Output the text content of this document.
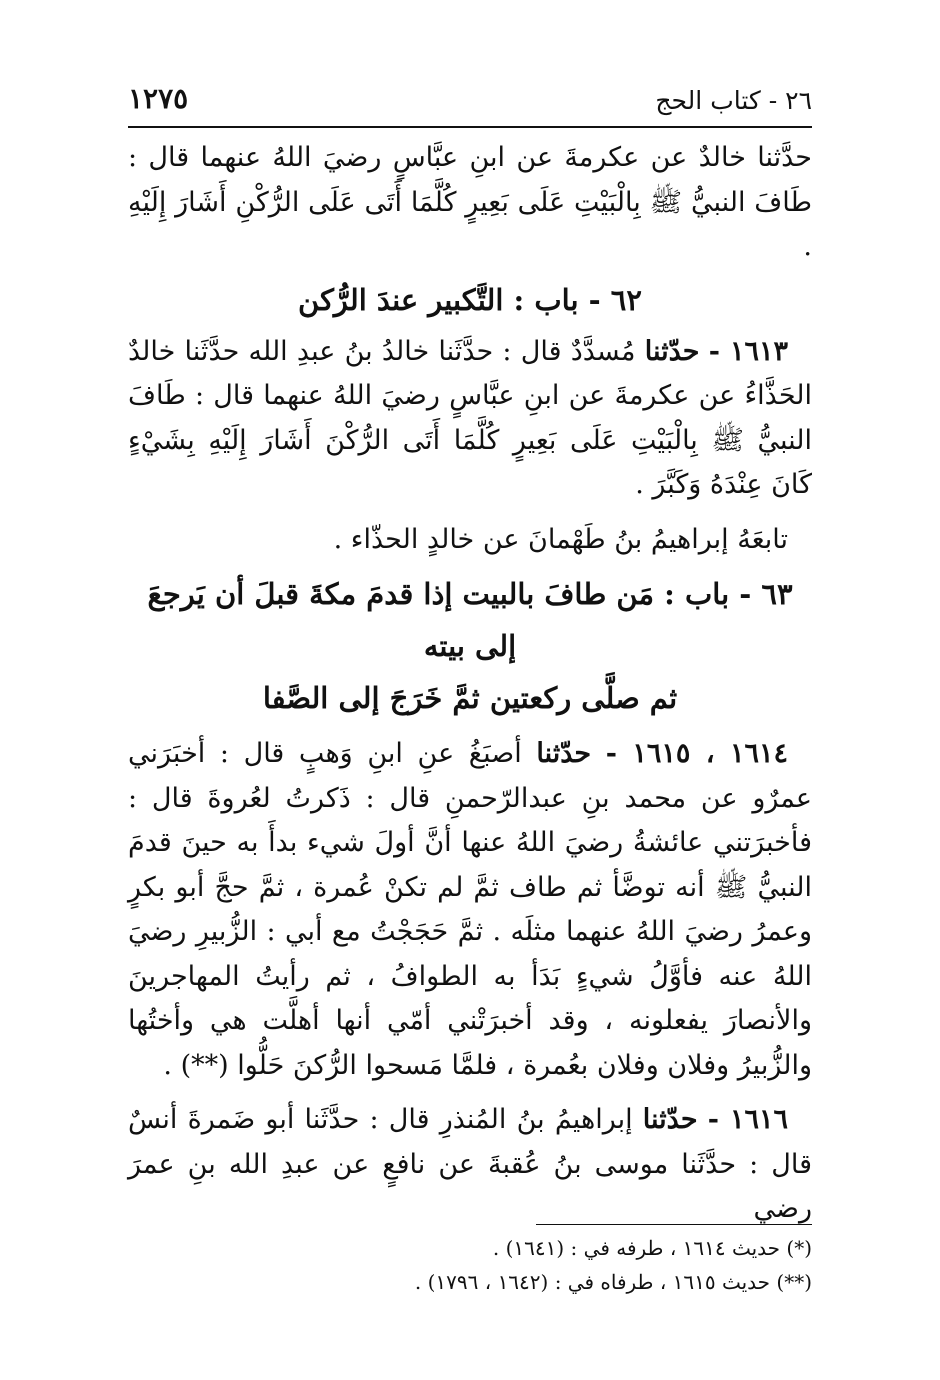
٢٦ - كتاب الحج
١٢٧٥

حدَّثنا خالدٌ عن عكرمةَ عن ابنِ عبَّاسٍ رضيَ اللهُ عنهما قال : طَافَ النبيُّ ﷺ بِالْبَيْتِ عَلَى بَعِيرٍ كُلَّمَا أَتَى عَلَى الرُّكْنِ أَشَارَ إِلَيْهِ .

٦٢ - باب : التَّكبير عندَ الرُّكن

١٦١٣ - حدّثنا مُسدَّدٌ قال : حدَّثَنا خالدُ بنُ عبدِ الله حدَّثَنا خالدٌ الحَذَّاءُ عن عكرمةَ عن ابنِ عبَّاسٍ رضيَ اللهُ عنهما قال : طَافَ النبيُّ ﷺ بِالْبَيْتِ عَلَى بَعِيرٍ كُلَّمَا أَتَى الرُّكْنَ أَشَارَ إِلَيْهِ بِشَيْءٍ كَانَ عِنْدَهُ وَكَبَّرَ .

تابعَهُ إبراهيمُ بنُ طَهْمانَ عن خالدٍ الحذّاء .

٦٣ - باب : مَن طافَ بالبيت إذا قدمَ مكةَ قبلَ أن يَرجعَ إلى بيته
ثم صلَّى ركعتين ثمَّ خَرَجَ إلى الصَّفا

١٦١٤ ، ١٦١٥ - حدّثنا أصبَغُ عنِ ابنِ وَهبٍ قال : أخبَرَني عمرٌو عن محمد بنِ عبدالرّحمنِ قال : ذَكرتُ لعُروةَ قال : فأخبرَتني عائشةُ رضيَ اللهُ عنها أنَّ أولَ شيء بدأَ به حينَ قدمَ النبيُّ ﷺ أنه توضَّأ ثم طاف ثمَّ لم تكنْ عُمرة ، ثمَّ حجَّ أبو بكرٍ وعمرُ رضيَ اللهُ عنهما مثلَه . ثمَّ حَجَجْتُ مع أبي : الزُّبيرِ رضيَ اللهُ عنه فأوَّلُ شيءٍ بَدَأ به الطوافُ ، ثم رأيتُ المهاجرينَ والأنصارَ يفعلونه ، وقد أخبرَتْني أمّي أنها أهلَّت هي وأختُها والزُّبيرُ وفلان وفلان بعُمرة ، فلمَّا مَسحوا الرُّكنَ حَلُّوا (**) .

١٦١٦ - حدّثنا إبراهيمُ بنُ المُنذرِ قال : حدَّثَنا أبو ضَمرةَ أنسٌ قال : حدَّثَنا موسى بنُ عُقبةَ عن نافعٍ عن عبدِ الله بنِ عمرَ رضي

(*) حديث ١٦١٤ ، طرفه في : (١٦٤١) .

(**) حديث ١٦١٥ ، طرفاه في : (١٦٤٢ ، ١٧٩٦) .
